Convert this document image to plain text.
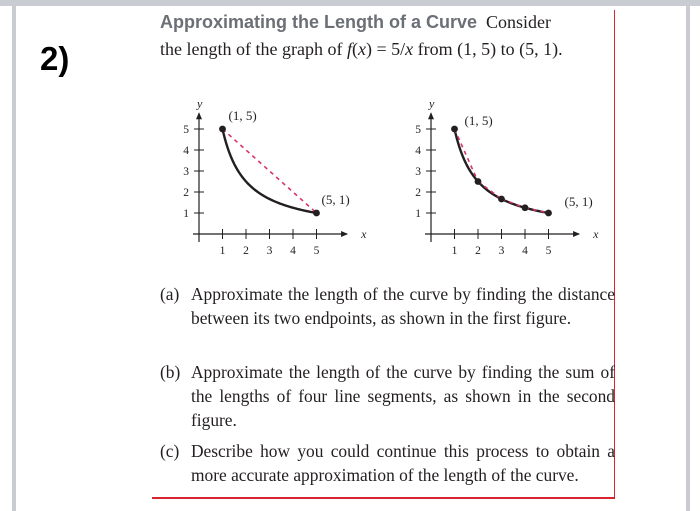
2)
Approximating the Length of a Curve Consider
the length of the graph of f(x) = 5/x from (1, 5) to (5, 1).
x
y
1 2 3 4 5
1
2
3
4
5
(1, 5)
(5, 1)
x
y
1 2 3 4 5
1
2
3
4
5
(1, 5)
(5, 1)
(a) Approximate the length of the curve by finding the distance between its two endpoints, as shown in the first figure.
(b) Approximate the length of the curve by finding the sum of the lengths of four line segments, as shown in the second figure.
(c) Describe how you could continue this process to obtain a more accurate approximation of the length of the curve.
